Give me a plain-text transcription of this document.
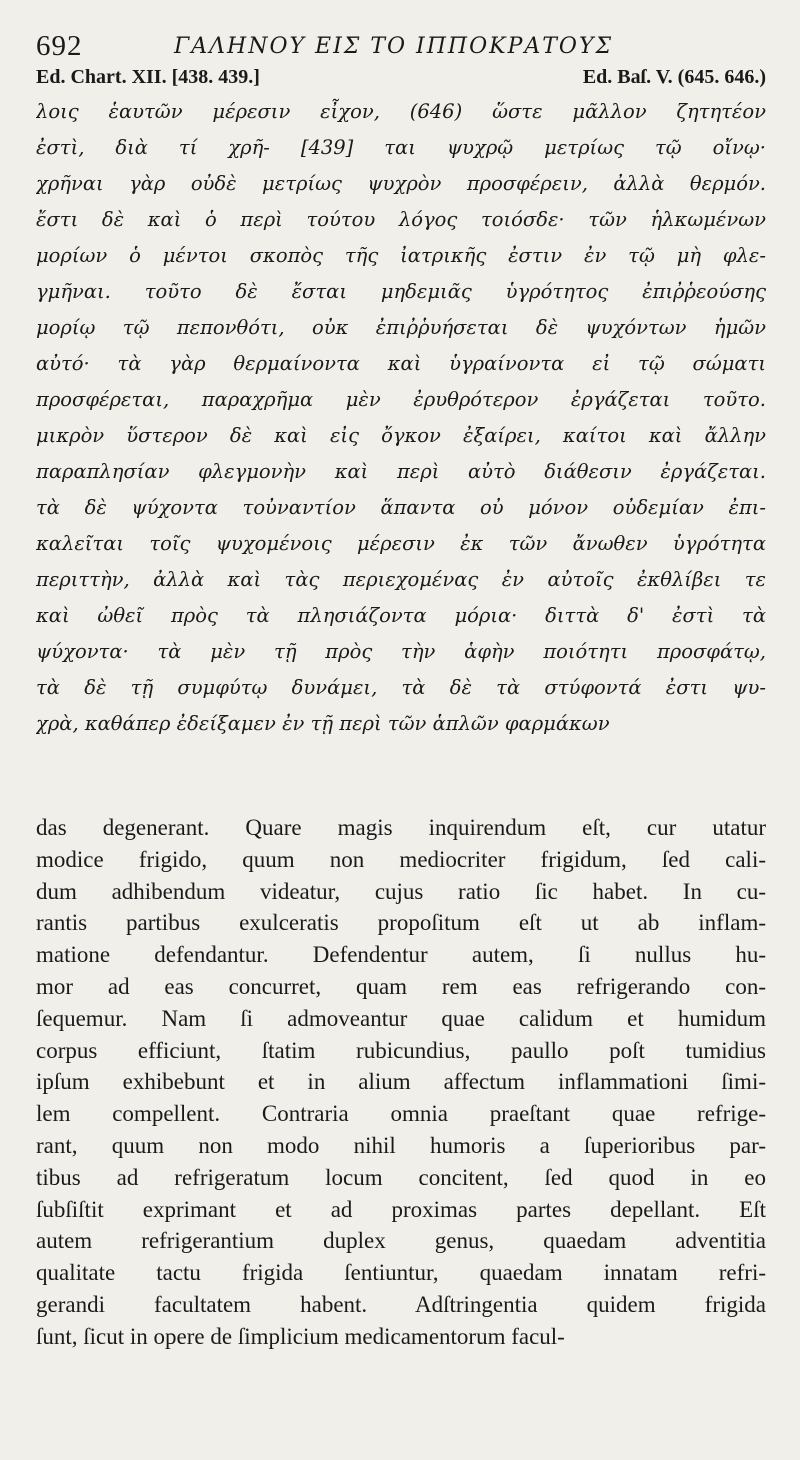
692	ΓΑΛΗΝΟΥ ΕΙΣ ΤΟ ΙΠΠΟΚΡΑΤΟΥΣ
Ed. Chart. XII. [438. 439.]	Ed. Baſ. V. (645. 646.)
λοις ἑαυτῶν μέρεσιν εἶχον, (646) ὥστε μᾶλλον ζητητέον
ἐστὶ, διὰ τί χρῆ- [439] ται ψυχρῷ μετρίως τῷ οἴνῳ·
χρῆναι γὰρ οὐδὲ μετρίως ψυχρὸν προσφέρειν, ἀλλὰ θερμόν.
ἔστι δὲ καὶ ὁ περὶ τούτου λόγος τοιόσδε· τῶν ἡλκωμένων
μορίων ὁ μέντοι σκοπὸς τῆς ἰατρικῆς ἐστιν ἐν τῷ μὴ φλε-
γμῆναι. τοῦτο δὲ ἔσται μηδεμιᾶς ὑγρότητος ἐπιῤῥεούσης
μορίῳ τῷ πεπονθότι, οὐκ ἐπιῤῥυήσεται δὲ ψυχόντων ἡμῶν
αὐτό· τὰ γὰρ θερμαίνοντα καὶ ὑγραίνοντα εἰ τῷ σώματι
προσφέρεται, παραχρῆμα μὲν ἐρυθρότερον ἐργάζεται τοῦτο.
μικρὸν ὕστερον δὲ καὶ εἰς ὄγκον ἐξαίρει, καίτοι καὶ ἄλλην
παραπλησίαν φλεγμονὴν καὶ περὶ αὐτὸ διάθεσιν ἐργάζεται.
τὰ δὲ ψύχοντα τοὐναντίον ἅπαντα οὐ μόνον οὐδεμίαν ἐπι-
καλεῖται τοῖς ψυχομένοις μέρεσιν ἐκ τῶν ἄνωθεν ὑγρότητα
περιττὴν, ἀλλὰ καὶ τὰς περιεχομένας ἐν αὐτοῖς ἐκθλίβει τε
καὶ ὠθεῖ πρὸς τὰ πλησιάζοντα μόρια· διττὰ δ' ἐστὶ τὰ
ψύχοντα· τὰ μὲν τῇ πρὸς τὴν ἁφὴν ποιότητι προσφάτῳ,
τὰ δὲ τῇ συμφύτῳ δυνάμει, τὰ δὲ τὰ στύφοντά ἐστι ψυ-
χρὰ, καθάπερ ἐδείξαμεν ἐν τῇ περὶ τῶν ἁπλῶν φαρμάκων
das degenerant. Quare magis inquirendum eſt, cur utatur
modice frigido, quum non mediocriter frigidum, ſed cali-
dum adhibendum videatur, cujus ratio ſic habet. In cu-
rantis partibus exulceratis propoſitum eſt ut ab inflam-
matione defendantur. Defendentur autem, ſi nullus hu-
mor ad eas concurret, quam rem eas refrigerando con-
ſequemur. Nam ſi admoveantur quae calidum et humidum
corpus efficiunt, ſtatim rubicundius, paullo poſt tumidius
ipſum exhibebunt et in alium affectum inflammationi ſimi-
lem compellent. Contraria omnia praeſtant quae refrige-
rant, quum non modo nihil humoris a ſuperioribus par-
tibus ad refrigeratum locum concitent, ſed quod in eo
ſubſiſtit exprimant et ad proximas partes depellant. Eſt
autem refrigerantium duplex genus, quaedam adventitia
qualitate tactu frigida ſentiuntur, quaedam innatam refri-
gerandi facultatem habent. Adſtringentia quidem frigida
ſunt, ſicut in opere de ſimplicium medicamentorum facul-
